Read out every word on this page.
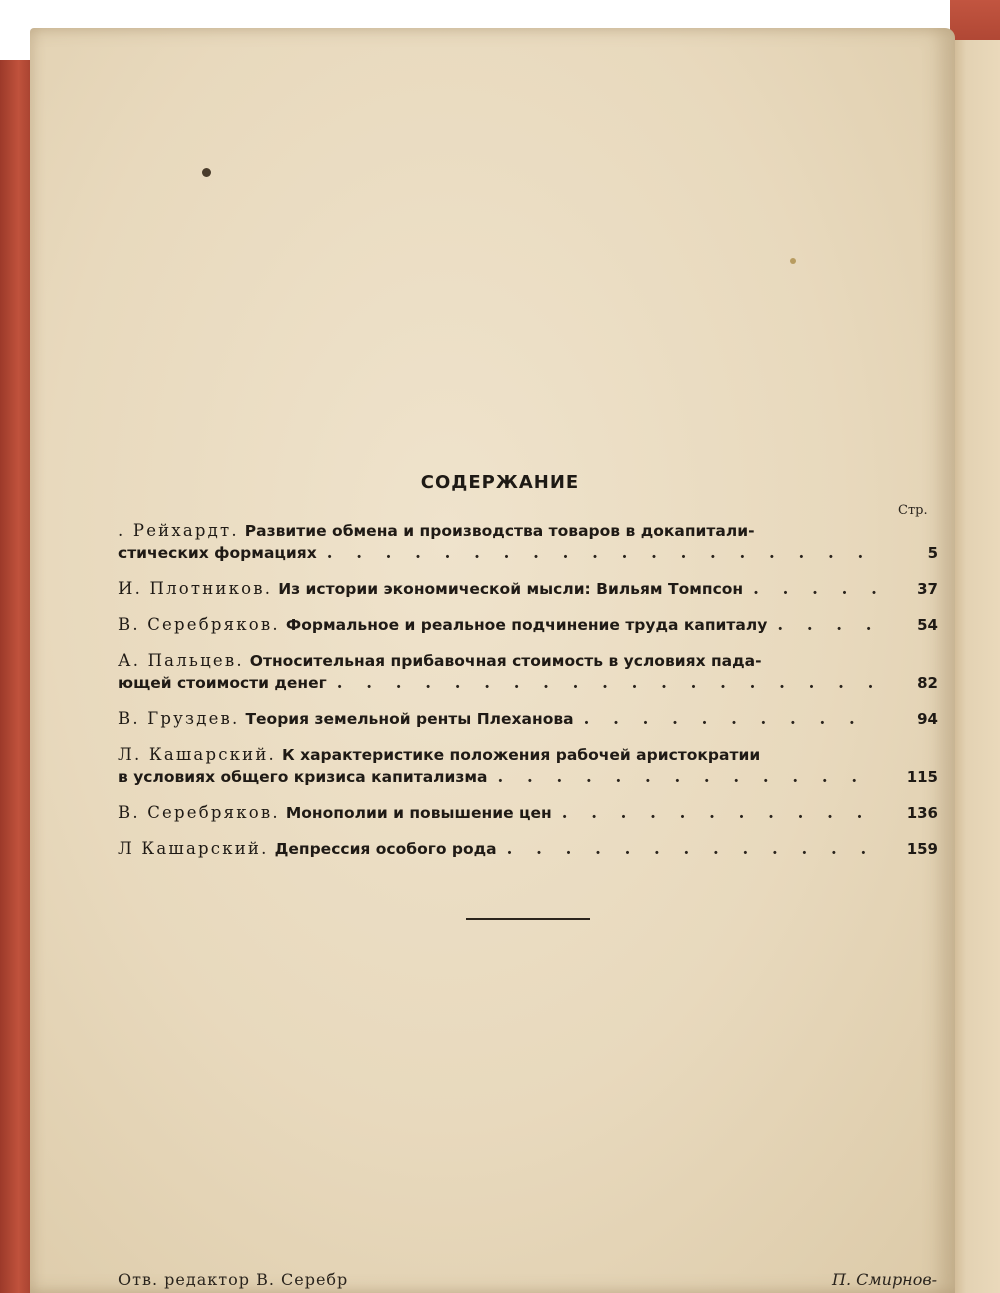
СОДЕРЖАНИЕ
Стр.
. Рейхардт. Развитие обмена и производства товаров в докапитали-
стических формациях . . .	5
И. Плотников. Из истории экономической мысли: Вильям Томпсон . . .	37
В. Серебряков. Формальное и реальное подчинение труда капиталу . . .	54
А. Пальцев. Относительная прибавочная стоимость в условиях пада-
ющей стоимости денег . . .	82
В. Груздев. Теория земельной ренты Плеханова . . .	94
Л. Кашарский. К характеристике положения рабочей аристократии
в условиях общего кризиса капитализма . . .	115
В. Серебряков. Монополии и повышение цен . . .	136
Л Кашарский. Депрессия особого рода . . .	159
Отв. редактор В. Серебр	П. Смирнов-
